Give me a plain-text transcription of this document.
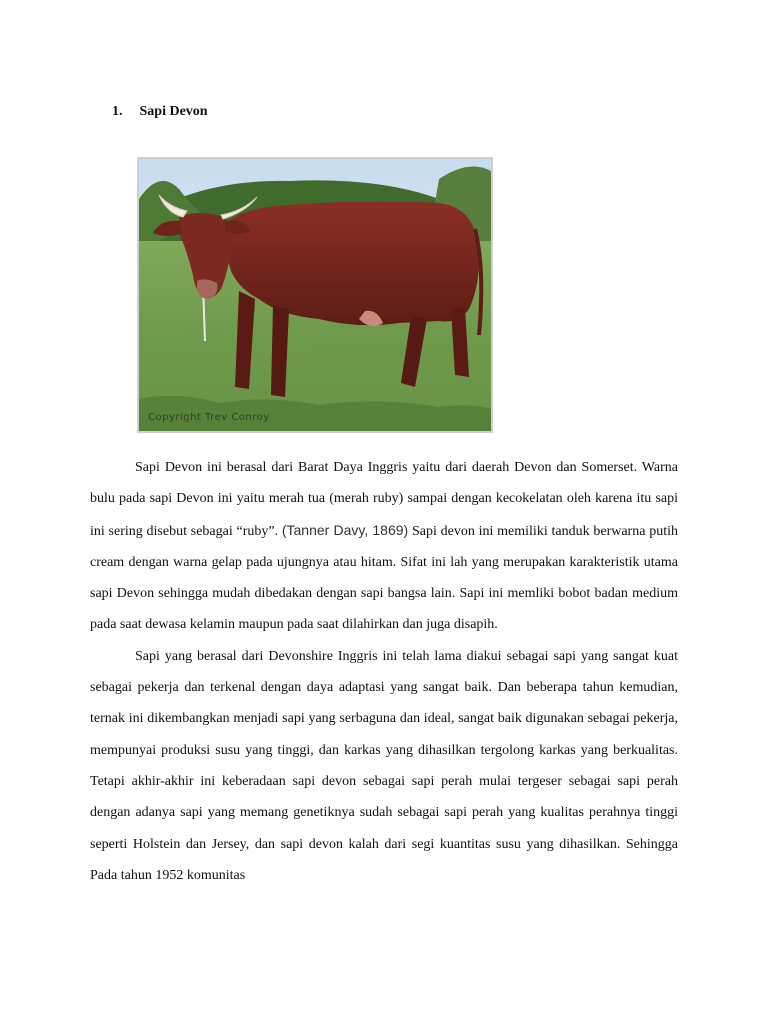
1. Sapi Devon
Copyright Trev Conroy

Sapi Devon ini berasal dari Barat Daya Inggris yaitu dari daerah Devon dan Somerset. Warna bulu pada sapi Devon ini yaitu merah tua (merah ruby) sampai dengan kecokelatan oleh karena itu sapi ini sering disebut sebagai “ruby”. (Tanner Davy, 1869) Sapi devon ini memiliki tanduk berwarna putih cream dengan warna gelap pada ujungnya atau hitam. Sifat ini lah yang merupakan karakteristik utama sapi Devon sehingga mudah dibedakan dengan sapi bangsa lain. Sapi ini memliki bobot badan medium pada saat dewasa kelamin maupun pada saat dilahirkan dan juga disapih.

Sapi yang berasal dari Devonshire Inggris ini telah lama diakui sebagai sapi yang sangat kuat sebagai pekerja dan terkenal dengan daya adaptasi yang sangat baik. Dan beberapa tahun kemudian, ternak ini dikembangkan menjadi sapi yang serbaguna dan ideal, sangat baik digunakan sebagai pekerja, mempunyai produksi susu yang tinggi, dan karkas yang dihasilkan tergolong karkas yang berkualitas. Tetapi akhir-akhir ini keberadaan sapi devon sebagai sapi perah mulai tergeser sebagai sapi perah dengan adanya sapi yang memang genetiknya sudah sebagai sapi perah yang kualitas perahnya tinggi seperti Holstein dan Jersey, dan sapi devon kalah dari segi kuantitas susu yang dihasilkan. Sehingga Pada tahun 1952 komunitas
